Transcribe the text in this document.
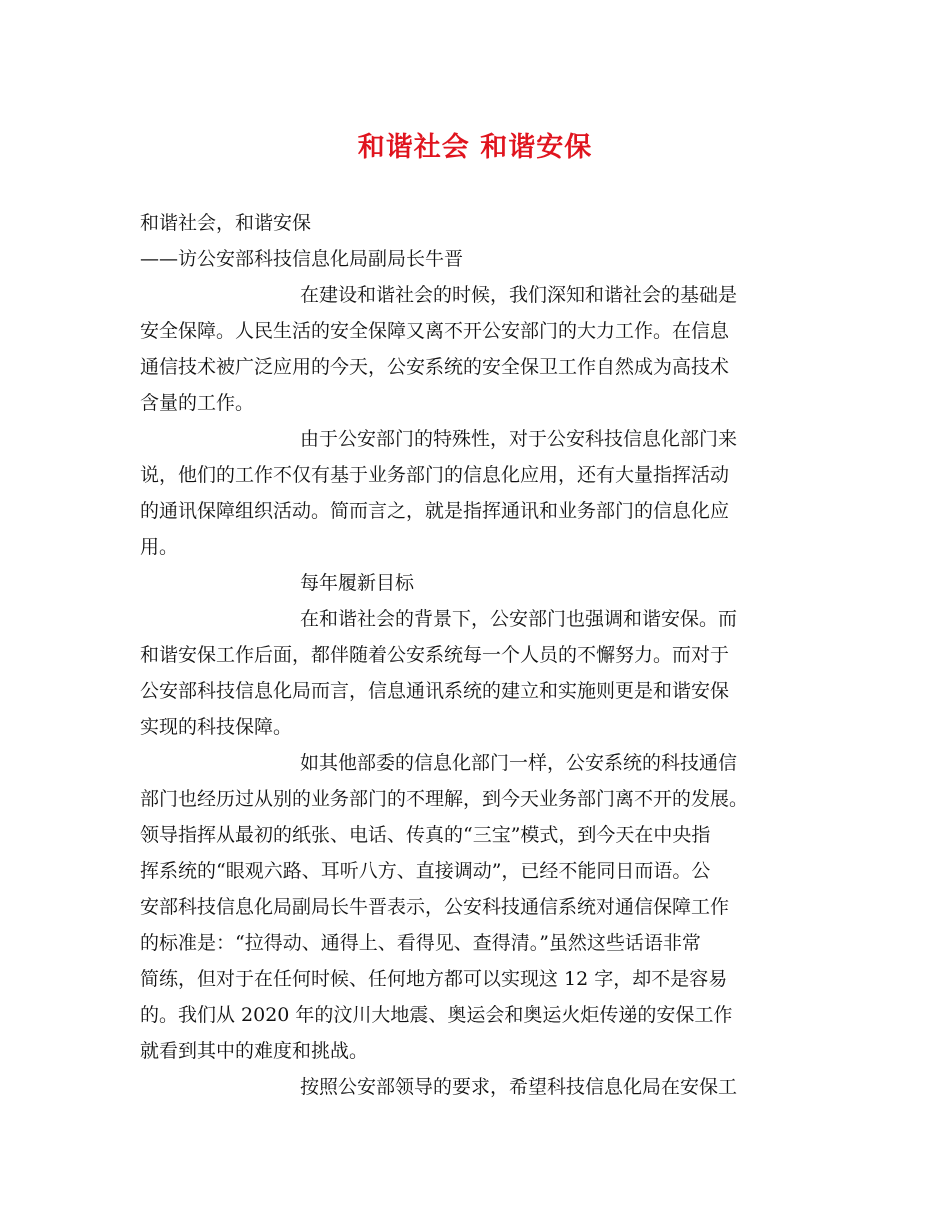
和谐社会 和谐安保
和谐社会，和谐安保
——访公安部科技信息化局副局长牛晋

在建设和谐社会的时候，我们深知和谐社会的基础是
安全保障。人民生活的安全保障又离不开公安部门的大力工作。在信息
通信技术被广泛应用的今天，公安系统的安全保卫工作自然成为高技术
含量的工作。

由于公安部门的特殊性，对于公安科技信息化部门来
说，他们的工作不仅有基于业务部门的信息化应用，还有大量指挥活动
的通讯保障组织活动。简而言之，就是指挥通讯和业务部门的信息化应
用。

每年履新目标

在和谐社会的背景下，公安部门也强调和谐安保。而
和谐安保工作后面，都伴随着公安系统每一个人员的不懈努力。而对于
公安部科技信息化局而言，信息通讯系统的建立和实施则更是和谐安保
实现的科技保障。

如其他部委的信息化部门一样，公安系统的科技通信
部门也经历过从别的业务部门的不理解，到今天业务部门离不开的发展。
领导指挥从最初的纸张、电话、传真的“三宝”模式，到今天在中央指
挥系统的“眼观六路、耳听八方、直接调动”，已经不能同日而语。公
安部科技信息化局副局长牛晋表示，公安科技通信系统对通信保障工作
的标准是：“拉得动、通得上、看得见、查得清。”虽然这些话语非常
简练，但对于在任何时候、任何地方都可以实现这 12 字，却不是容易
的。我们从 2020 年的汶川大地震、奥运会和奥运火炬传递的安保工作
就看到其中的难度和挑战。

按照公安部领导的要求，希望科技信息化局在安保工
